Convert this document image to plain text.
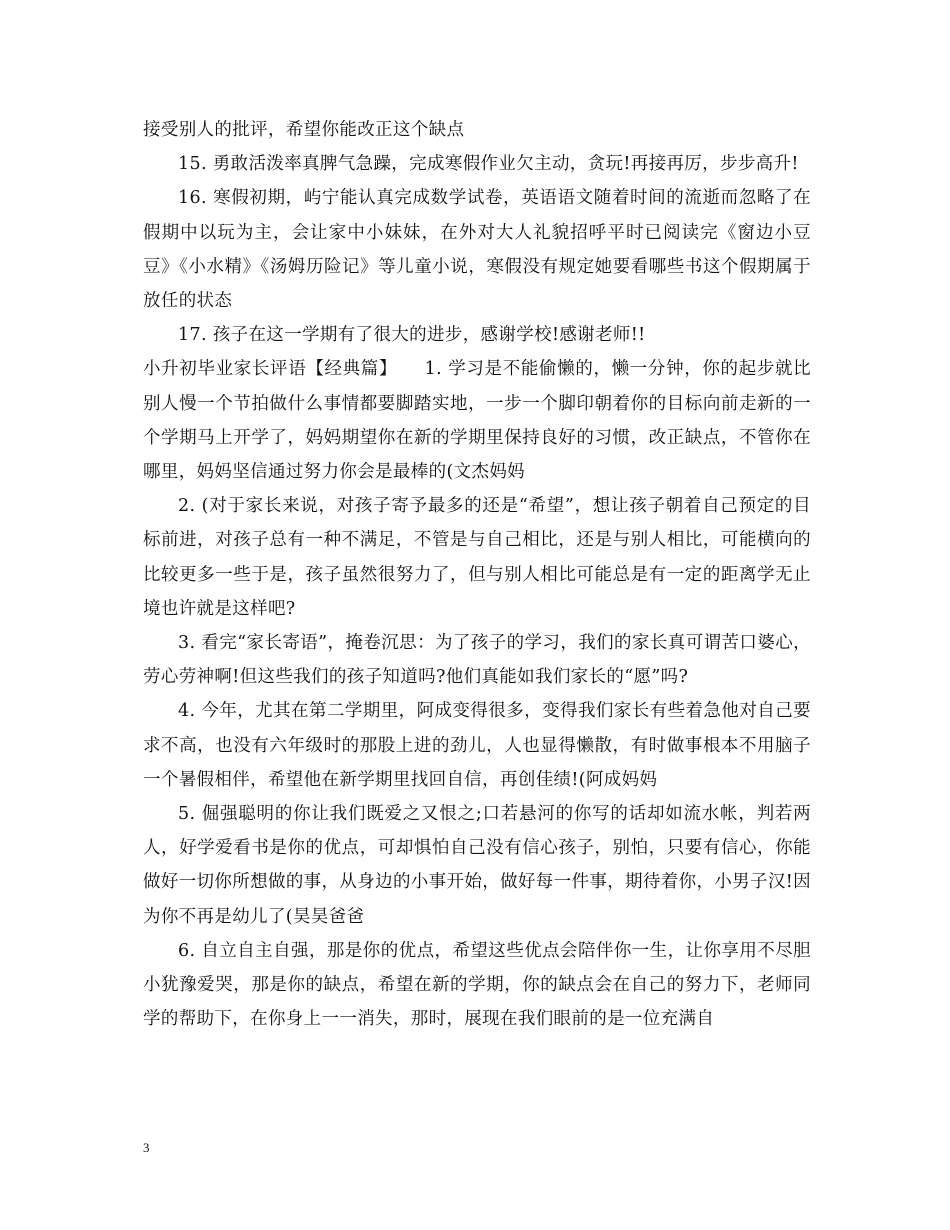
接受别人的批评，希望你能改正这个缺点

15. 勇敢活泼率真脾气急躁，完成寒假作业欠主动，贪玩!再接再厉，步步高升!

16. 寒假初期，屿宁能认真完成数学试卷，英语语文随着时间的流逝而忽略了在假期中以玩为主，会让家中小妹妹，在外对大人礼貌招呼平时已阅读完《窗边小豆豆》《小水精》《汤姆历险记》等儿童小说，寒假没有规定她要看哪些书这个假期属于放任的状态

17. 孩子在这一学期有了很大的进步，感谢学校!感谢老师!!

小升初毕业家长评语【经典篇】　　1. 学习是不能偷懒的，懒一分钟，你的起步就比别人慢一个节拍做什么事情都要脚踏实地，一步一个脚印朝着你的目标向前走新的一个学期马上开学了，妈妈期望你在新的学期里保持良好的习惯，改正缺点，不管你在哪里，妈妈坚信通过努力你会是最棒的(文杰妈妈

2. (对于家长来说，对孩子寄予最多的还是“希望”，想让孩子朝着自己预定的目标前进，对孩子总有一种不满足，不管是与自己相比，还是与别人相比，可能横向的比较更多一些于是，孩子虽然很努力了，但与别人相比可能总是有一定的距离学无止境也许就是这样吧?

3. 看完“家长寄语”，掩卷沉思：为了孩子的学习，我们的家长真可谓苦口婆心，劳心劳神啊!但这些我们的孩子知道吗?他们真能如我们家长的“愿”吗?

4. 今年，尤其在第二学期里，阿成变得很多，变得我们家长有些着急他对自己要求不高，也没有六年级时的那股上进的劲儿，人也显得懒散，有时做事根本不用脑子一个暑假相伴，希望他在新学期里找回自信，再创佳绩!(阿成妈妈

5. 倔强聪明的你让我们既爱之又恨之;口若悬河的你写的话却如流水帐，判若两人，好学爱看书是你的优点，可却惧怕自己没有信心孩子，别怕，只要有信心，你能做好一切你所想做的事，从身边的小事开始，做好每一件事，期待着你，小男子汉!因为你不再是幼儿了(昊昊爸爸

6. 自立自主自强，那是你的优点，希望这些优点会陪伴你一生，让你享用不尽胆小犹豫爱哭，那是你的缺点，希望在新的学期，你的缺点会在自己的努力下，老师同学的帮助下，在你身上一一消失，那时，展现在我们眼前的是一位充满自

3
